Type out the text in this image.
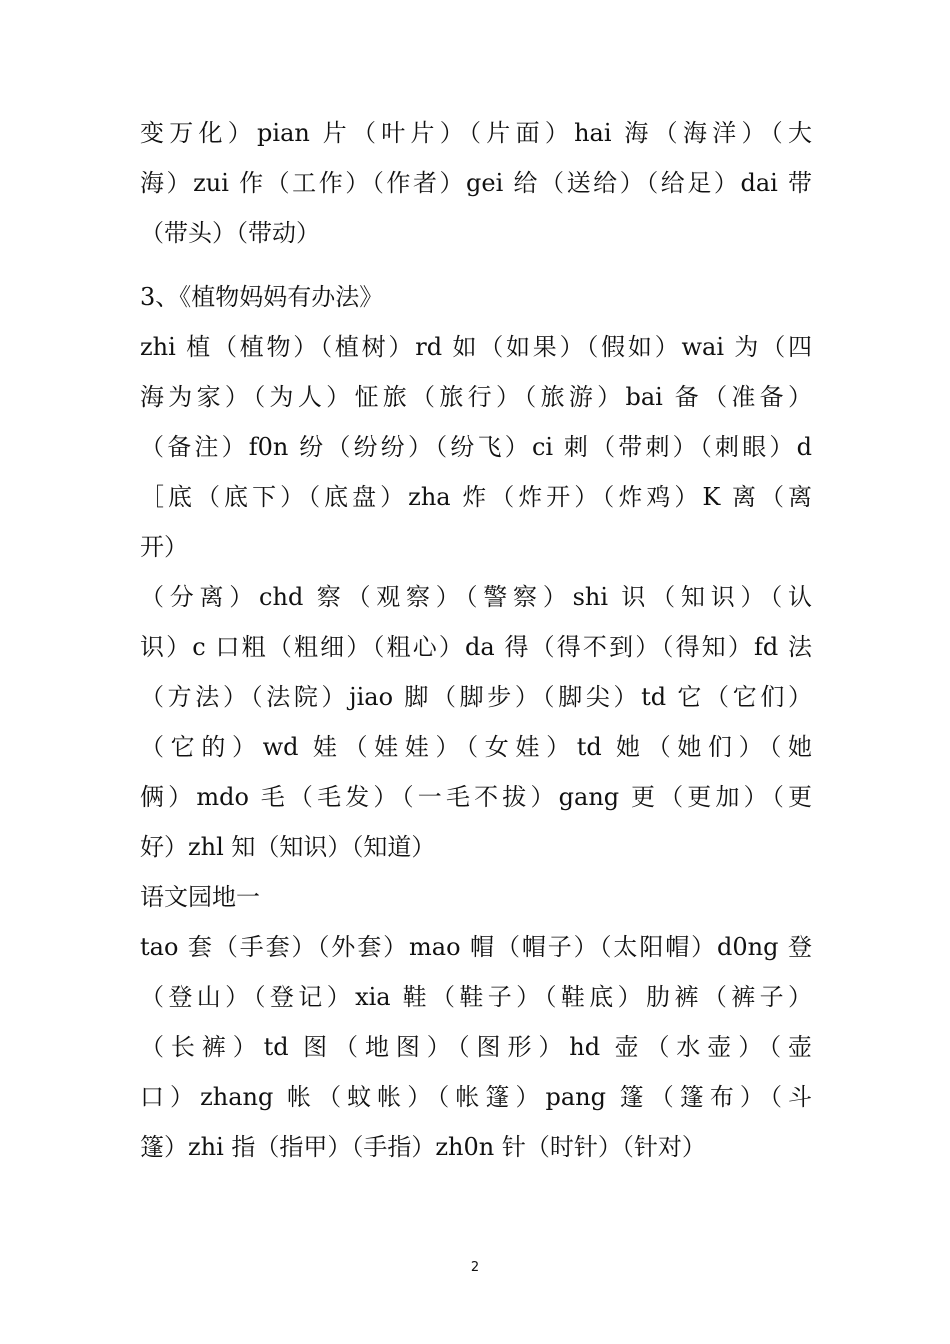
变万化）pian 片（叶片）（片面）hai 海（海洋）（大
海）zui 作（工作）（作者）gei 给（送给）（给足）dai 带
（带头）（带动）
3、《植物妈妈有办法》
zhi 植（植物）（植树）rd 如（如果）（假如）wai 为（四
海为家）（为人）怔旅（旅行）（旅游）bai 备（准备）
（备注）f0n 纷（纷纷）（纷飞）ci 刺（带刺）（刺眼）d
［底（底下）（底盘）zha 炸（炸开）（炸鸡）K 离（离
开）
（分离）chd 察（观察）（警察）shi 识（知识）（认
识）c 口粗（粗细）（粗心）da 得（得不到）（得知）fd 法
（方法）（法院）jiao 脚（脚步）（脚尖）td 它（它们）
（它的）wd 娃（娃娃）（女娃）td 她（她们）（她
俩）mdo 毛（毛发）（一毛不拔）gang 更（更加）（更
好）zhl 知（知识）（知道）
语文园地一
tao 套（手套）（外套）mao 帽（帽子）（太阳帽）d0ng 登
（登山）（登记）xia 鞋（鞋子）（鞋底）肋裤（裤子）
（长裤）td 图（地图）（图形）hd 壶（水壶）（壶
口）zhang 帐（蚊帐）（帐篷）pang 篷（篷布）（斗
篷）zhi 指（指甲）（手指）zh0n 针（时针）（针对）
2
